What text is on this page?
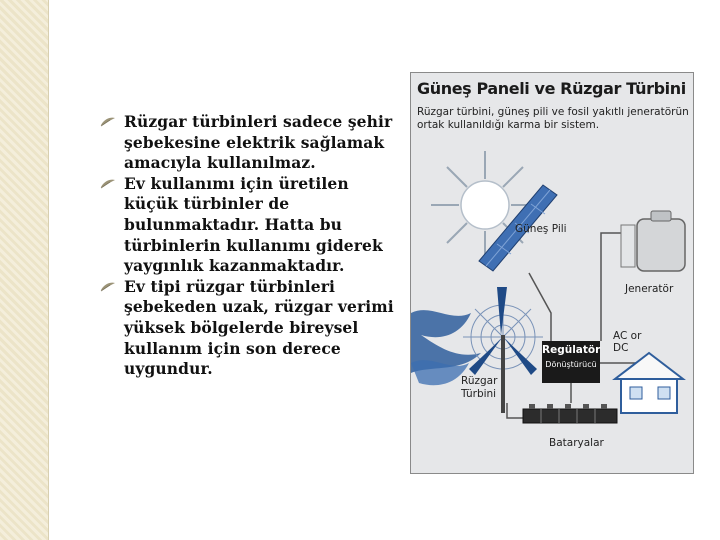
Rüzgar türbinleri sadece şehir şebekesine elektrik sağlamak amacıyla kullanılmaz.
Ev kullanımı için üretilen küçük türbinler de bulunmaktadır. Hatta bu türbinlerin kullanımı giderek yaygınlık kazanmaktadır.
Ev tipi rüzgar türbinleri şebekeden uzak, rüzgar verimi yüksek bölgelerde bireysel kullanım için son derece uygundur.
Güneş Paneli ve Rüzgar Türbini
Rüzgar türbini, güneş pili ve fosil yakıtlı jeneratörün ortak kullanıldığı karma bir sistem.
Güneş Pili
Jeneratör
AC or DC
Regülatör
Dönüştürücü
Rüzgar Türbini
Bataryalar
